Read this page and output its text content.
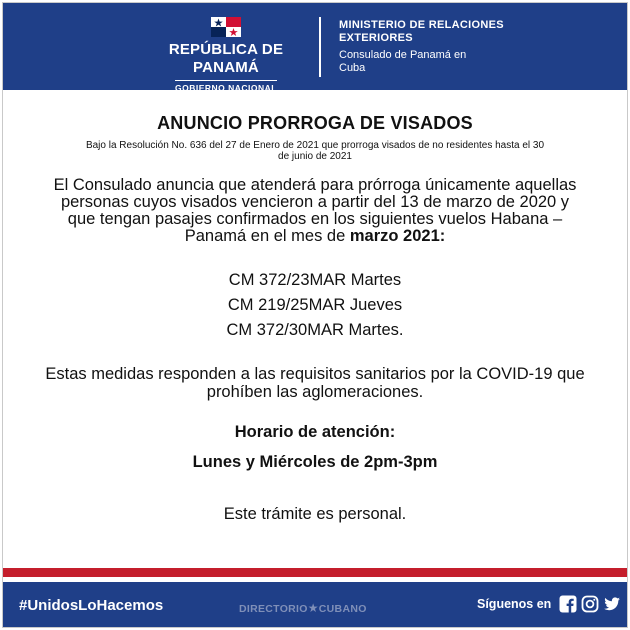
REPÚBLICA DE PANAMÁ
GOBIERNO NACIONAL
MINISTERIO DE RELACIONES EXTERIORES
Consulado de Panamá en Cuba
ANUNCIO PRORROGA DE VISADOS
Bajo la Resolución No. 636 del 27 de Enero de 2021 que prorroga visados de no residentes hasta el 30 de junio de 2021

El Consulado anuncia que atenderá para prórroga únicamente aquellas personas cuyos visados vencieron a partir del 13 de marzo de 2020 y que tengan pasajes confirmados en los siguientes vuelos Habana – Panamá en el mes de marzo 2021:

CM 372/23MAR Martes
CM 219/25MAR Jueves
CM 372/30MAR Martes.

Estas medidas responden a las requisitos sanitarios por la COVID-19 que prohíben las aglomeraciones.

Horario de atención:
Lunes y Miércoles de 2pm-3pm
Este trámite es personal.
#UnidosLoHacemos	DIRECTORIO★CUBANO	Síguenos en
